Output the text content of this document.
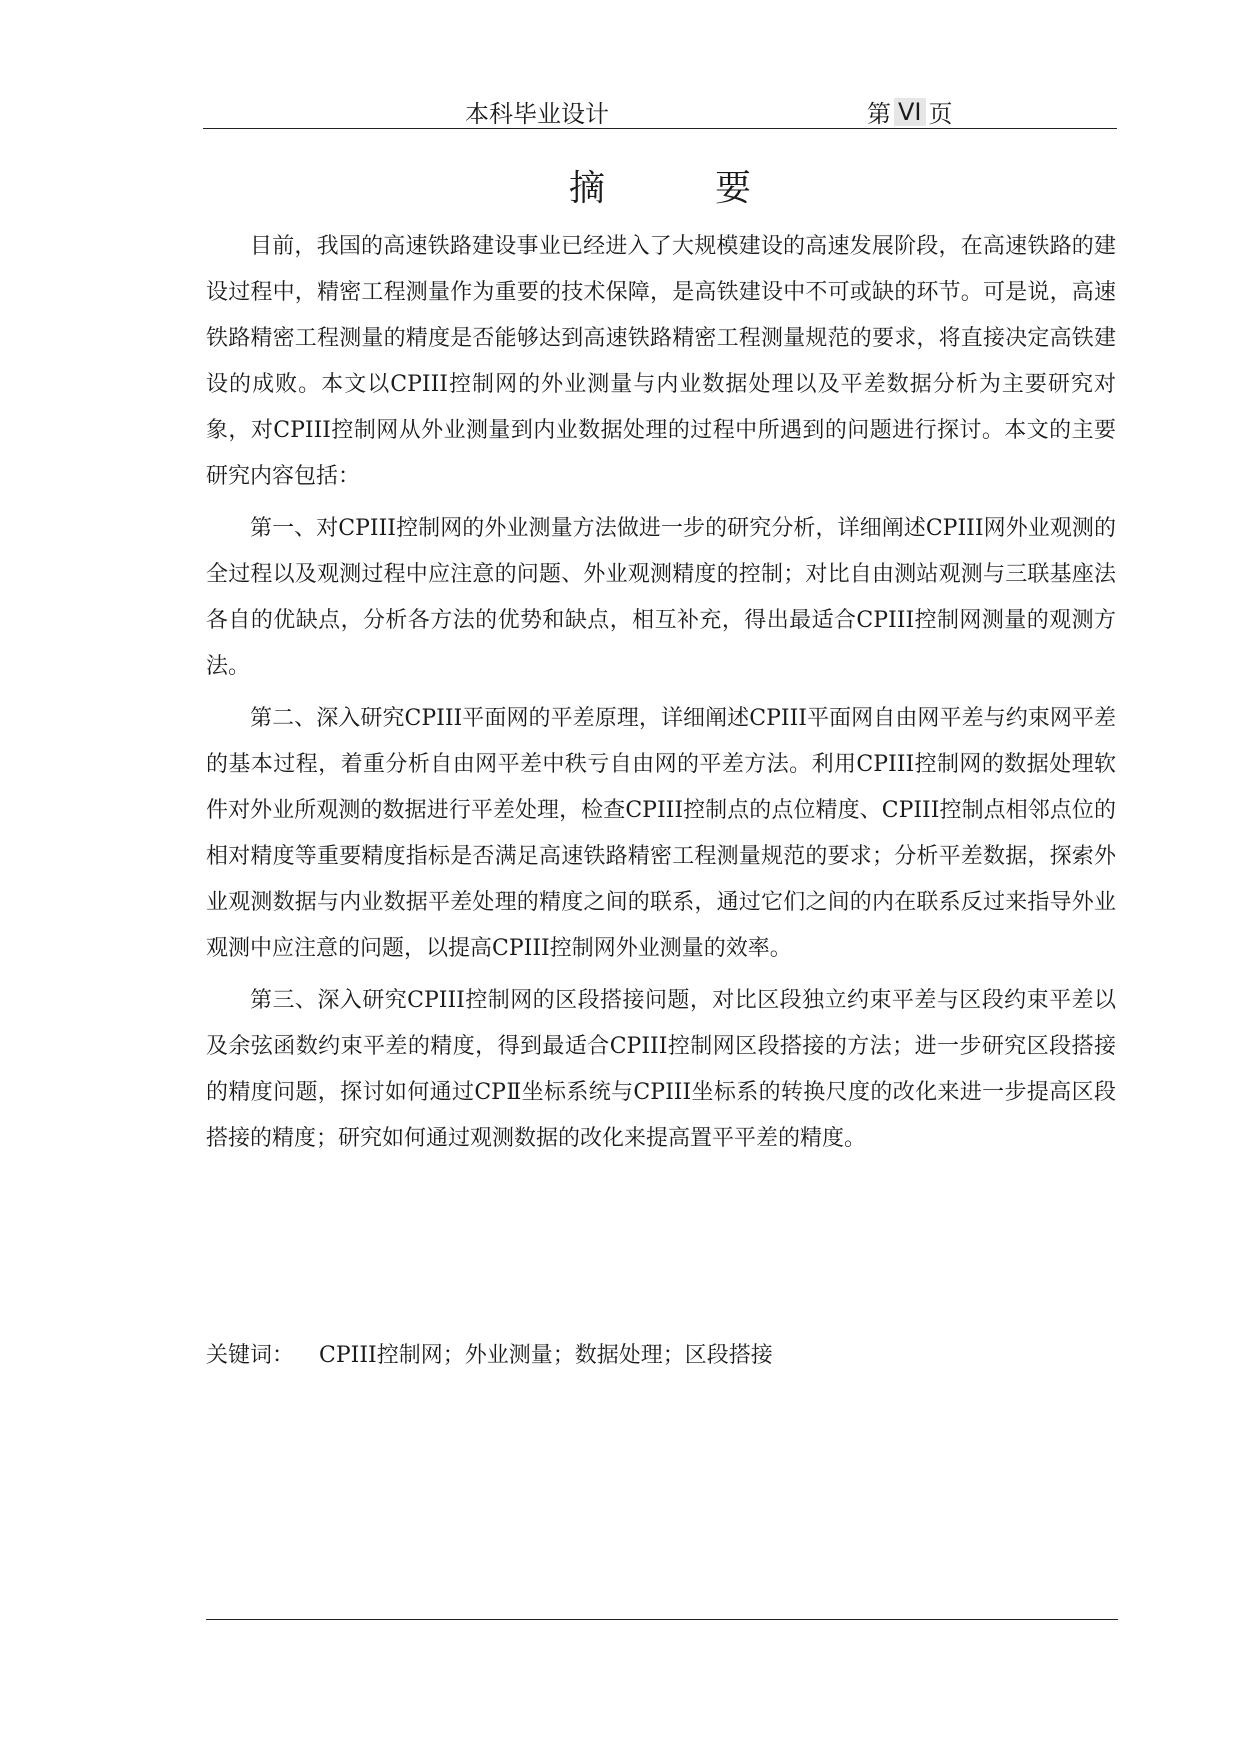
本科毕业设计	第 VI 页
摘要

目前，我国的高速铁路建设事业已经进入了大规模建设的高速发展阶段，在高速铁路的建设过程中，精密工程测量作为重要的技术保障，是高铁建设中不可或缺的环节。可是说，高速铁路精密工程测量的精度是否能够达到高速铁路精密工程测量规范的要求，将直接决定高铁建设的成败。本文以CPIII控制网的外业测量与内业数据处理以及平差数据分析为主要研究对象，对CPIII控制网从外业测量到内业数据处理的过程中所遇到的问题进行探讨。本文的主要研究内容包括：

第一、对CPIII控制网的外业测量方法做进一步的研究分析，详细阐述CPIII网外业观测的全过程以及观测过程中应注意的问题、外业观测精度的控制；对比自由测站观测与三联基座法各自的优缺点，分析各方法的优势和缺点，相互补充，得出最适合CPIII控制网测量的观测方法。

第二、深入研究CPIII平面网的平差原理，详细阐述CPIII平面网自由网平差与约束网平差的基本过程，着重分析自由网平差中秩亏自由网的平差方法。利用CPIII控制网的数据处理软件对外业所观测的数据进行平差处理，检查CPIII控制点的点位精度、CPIII控制点相邻点位的相对精度等重要精度指标是否满足高速铁路精密工程测量规范的要求；分析平差数据，探索外业观测数据与内业数据平差处理的精度之间的联系，通过它们之间的内在联系反过来指导外业观测中应注意的问题，以提高CPIII控制网外业测量的效率。

第三、深入研究CPIII控制网的区段搭接问题，对比区段独立约束平差与区段约束平差以及余弦函数约束平差的精度，得到最适合CPIII控制网区段搭接的方法；进一步研究区段搭接的精度问题，探讨如何通过CPⅡ坐标系统与CPIII坐标系的转换尺度的改化来进一步提高区段搭接的精度；研究如何通过观测数据的改化来提高置平平差的精度。

关键词： CPIII控制网；外业测量；数据处理；区段搭接
